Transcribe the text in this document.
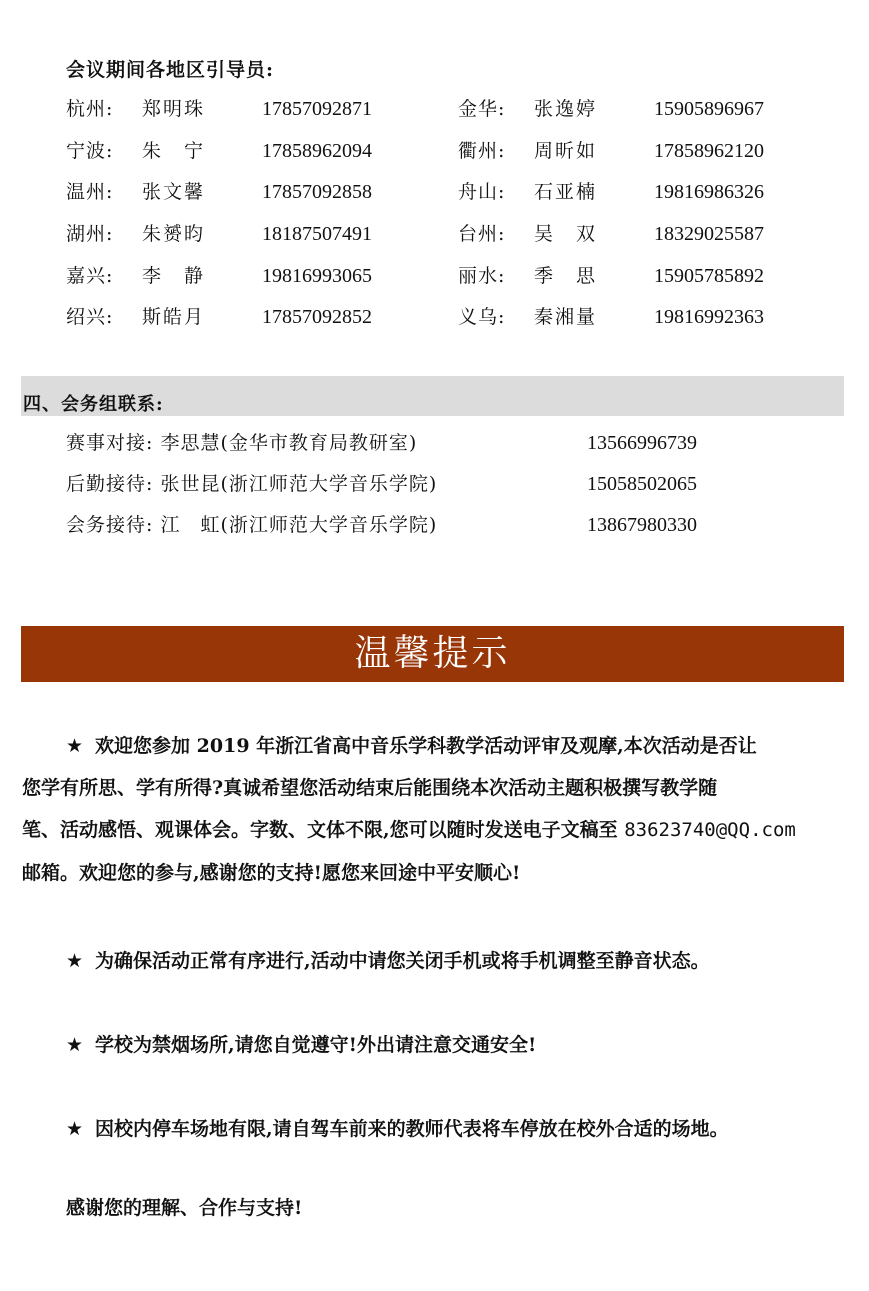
会议期间各地区引导员:
杭州: 郑明珠	17857092871	金华: 张逸婷	15905896967
宁波: 朱　宁	17858962094	衢州: 周昕如	17858962120
温州: 张文馨	17857092858	舟山: 石亚楠	19816986326
湖州: 朱赟昀	18187507491	台州: 吴　双	18329025587
嘉兴: 李　静	19816993065	丽水: 季　思	15905785892
绍兴: 斯皓月	17857092852	义乌: 秦湘量	19816992363
四、会务组联系:
赛事对接: 李思慧(金华市教育局教研室)	13566996739
后勤接待: 张世昆(浙江师范大学音乐学院)	15058502065
会务接待: 江　虹(浙江师范大学音乐学院)	13867980330
温馨提示
★ 欢迎您参加 2019 年浙江省高中音乐学科教学活动评审及观摩,本次活动是否让
您学有所思、学有所得?真诚希望您活动结束后能围绕本次活动主题积极撰写教学随
笔、活动感悟、观课体会。字数、文体不限,您可以随时发送电子文稿至 83623740@QQ.com
邮箱。欢迎您的参与,感谢您的支持!愿您来回途中平安顺心!
★ 为确保活动正常有序进行,活动中请您关闭手机或将手机调整至静音状态。
★ 学校为禁烟场所,请您自觉遵守!外出请注意交通安全!
★ 因校内停车场地有限,请自驾车前来的教师代表将车停放在校外合适的场地。
感谢您的理解、合作与支持!
